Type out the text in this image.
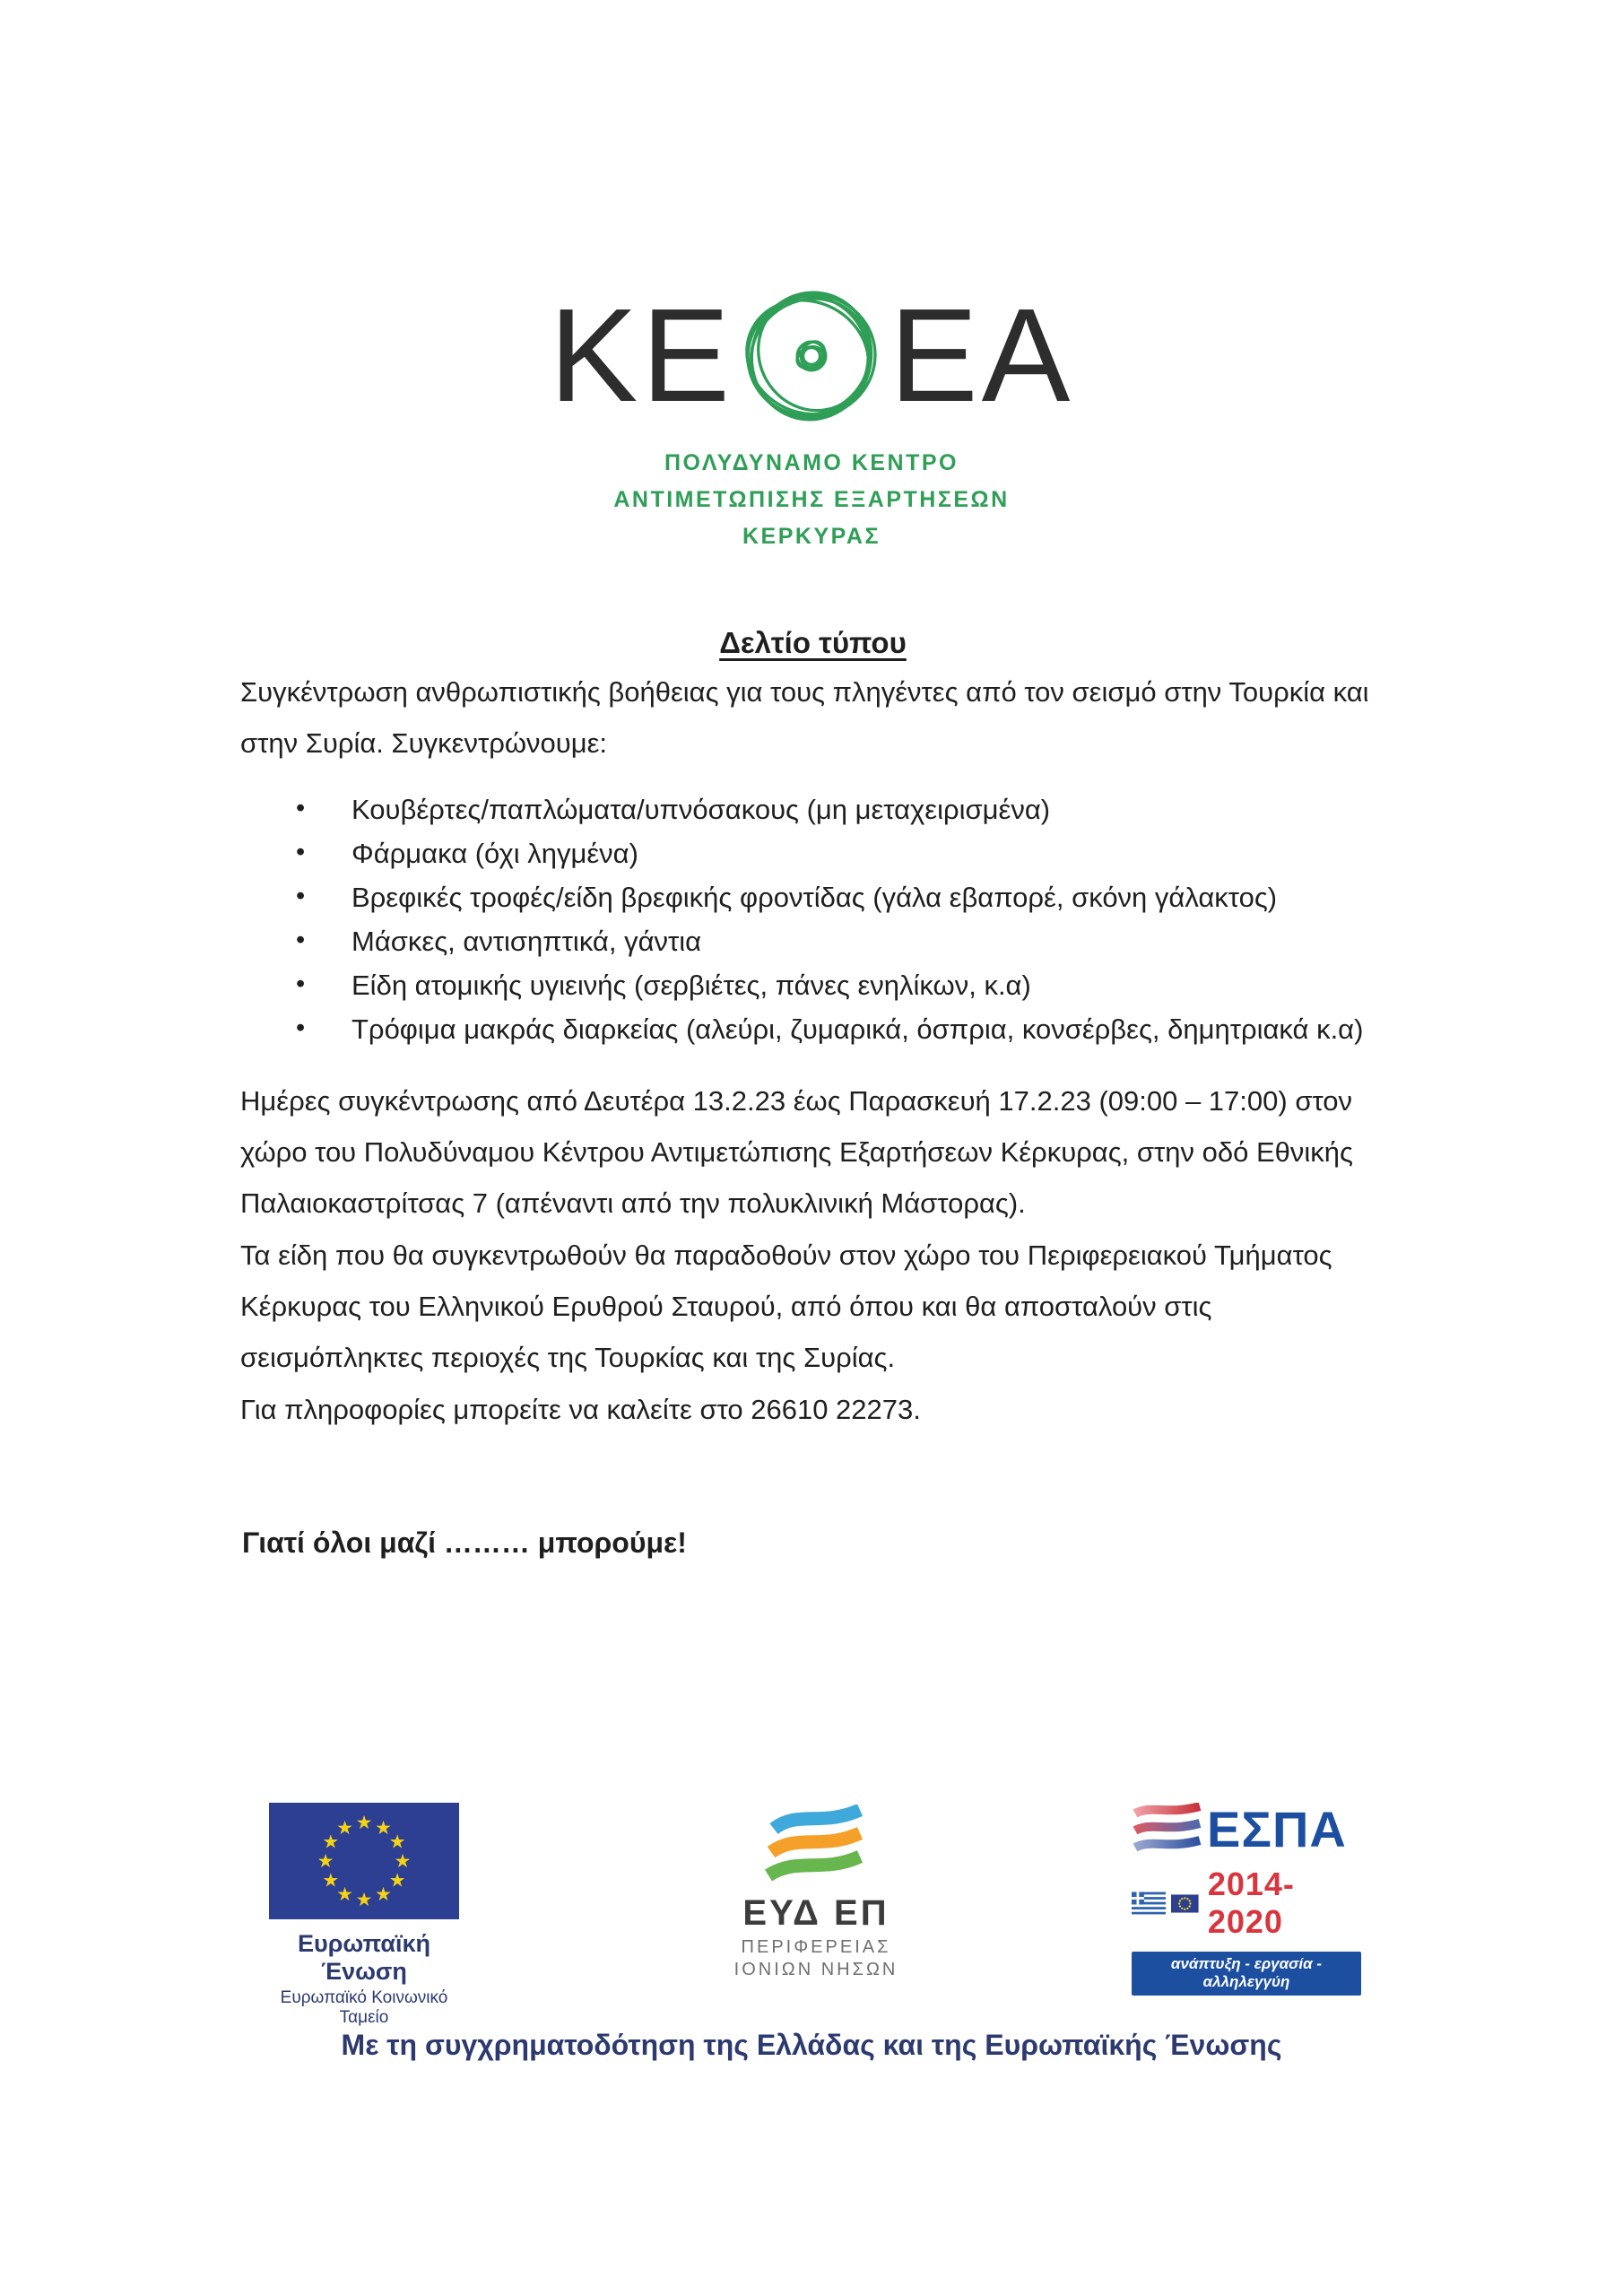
ΚΕ ΕΑ
ΠΟΛΥΔΥΝΑΜΟ ΚΕΝΤΡΟ
ΑΝΤΙΜΕΤΩΠΙΣΗΣ ΕΞΑΡΤΗΣΕΩΝ
ΚΕΡΚΥΡΑΣ
Δελτίο τύπου
Συγκέντρωση ανθρωπιστικής βοήθειας για τους πληγέντες από τον σεισμό στην Τουρκία και
στην Συρία. Συγκεντρώνουμε:
• Κουβέρτες/παπλώματα/υπνόσακους (μη μεταχειρισμένα)
• Φάρμακα (όχι ληγμένα)
• Βρεφικές τροφές/είδη βρεφικής φροντίδας (γάλα εβαπορέ, σκόνη γάλακτος)
• Μάσκες, αντισηπτικά, γάντια
• Είδη ατομικής υγιεινής (σερβιέτες, πάνες ενηλίκων, κ.α)
• Τρόφιμα μακράς διαρκείας (αλεύρι, ζυμαρικά, όσπρια, κονσέρβες, δημητριακά κ.α)
Ημέρες συγκέντρωσης από Δευτέρα 13.2.23 έως Παρασκευή 17.2.23 (09:00 – 17:00) στον
χώρο του Πολυδύναμου Κέντρου Αντιμετώπισης Εξαρτήσεων Κέρκυρας, στην οδό Εθνικής
Παλαιοκαστρίτσας 7 (απέναντι από την πολυκλινική Μάστορας).
Τα είδη που θα συγκεντρωθούν θα παραδοθούν στον χώρο του Περιφερειακού Τμήματος
Κέρκυρας του Ελληνικού Ερυθρού Σταυρού, από όπου και θα αποσταλούν στις
σεισμόπληκτες περιοχές της Τουρκίας και της Συρίας.
Για πληροφορίες μπορείτε να καλείτε στο 26610 22273.
Γιατί όλοι μαζί ……… μπορούμε!
★ ★
★
★
★
★
★
★
★
★
★
★
Ευρωπαϊκή Ένωση
Ευρωπαϊκό Κοινωνικό Ταμείο
ΕΥΔ ΕΠ
ΠΕΡΙΦΕΡΕΙΑΣ
ΙΟΝΙΩΝ ΝΗΣΩΝ
ΕΣΠΑ
2014-2020
ανάπτυξη - εργασία - αλληλεγγύη
Με τη συγχρηματοδότηση της Ελλάδας και της Ευρωπαϊκής Ένωσης
